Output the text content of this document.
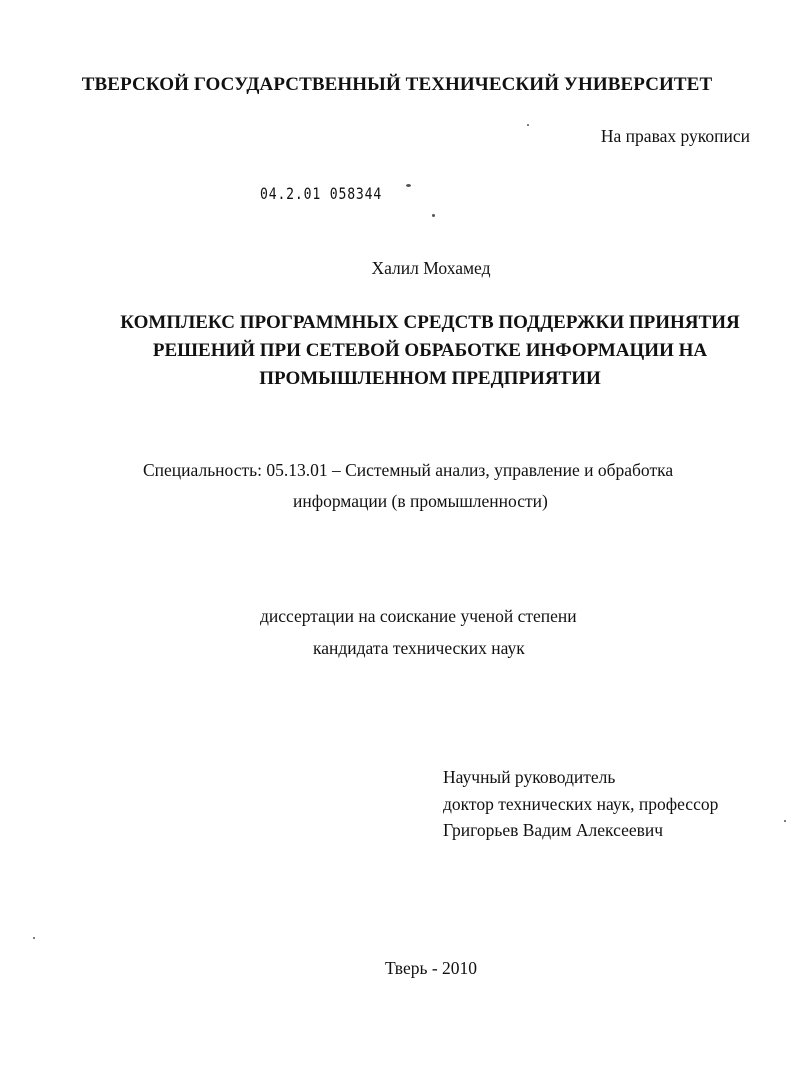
ТВЕРСКОЙ ГОСУДАРСТВЕННЫЙ ТЕХНИЧЕСКИЙ УНИВЕРСИТЕТ
На правах рукописи
04.2.01 058344
Халил Мохамед
КОМПЛЕКС ПРОГРАММНЫХ СРЕДСТВ ПОДДЕРЖКИ ПРИНЯТИЯ
РЕШЕНИЙ ПРИ СЕТЕВОЙ ОБРАБОТКЕ ИНФОРМАЦИИ НА
ПРОМЫШЛЕННОМ ПРЕДПРИЯТИИ
Специальность: 05.13.01 – Системный анализ, управление и обработка
информации (в промышленности)
диссертации на соискание ученой степени
кандидата технических наук
Научный руководитель
доктор технических наук, профессор
Григорьев Вадим Алексеевич
Тверь - 2010
